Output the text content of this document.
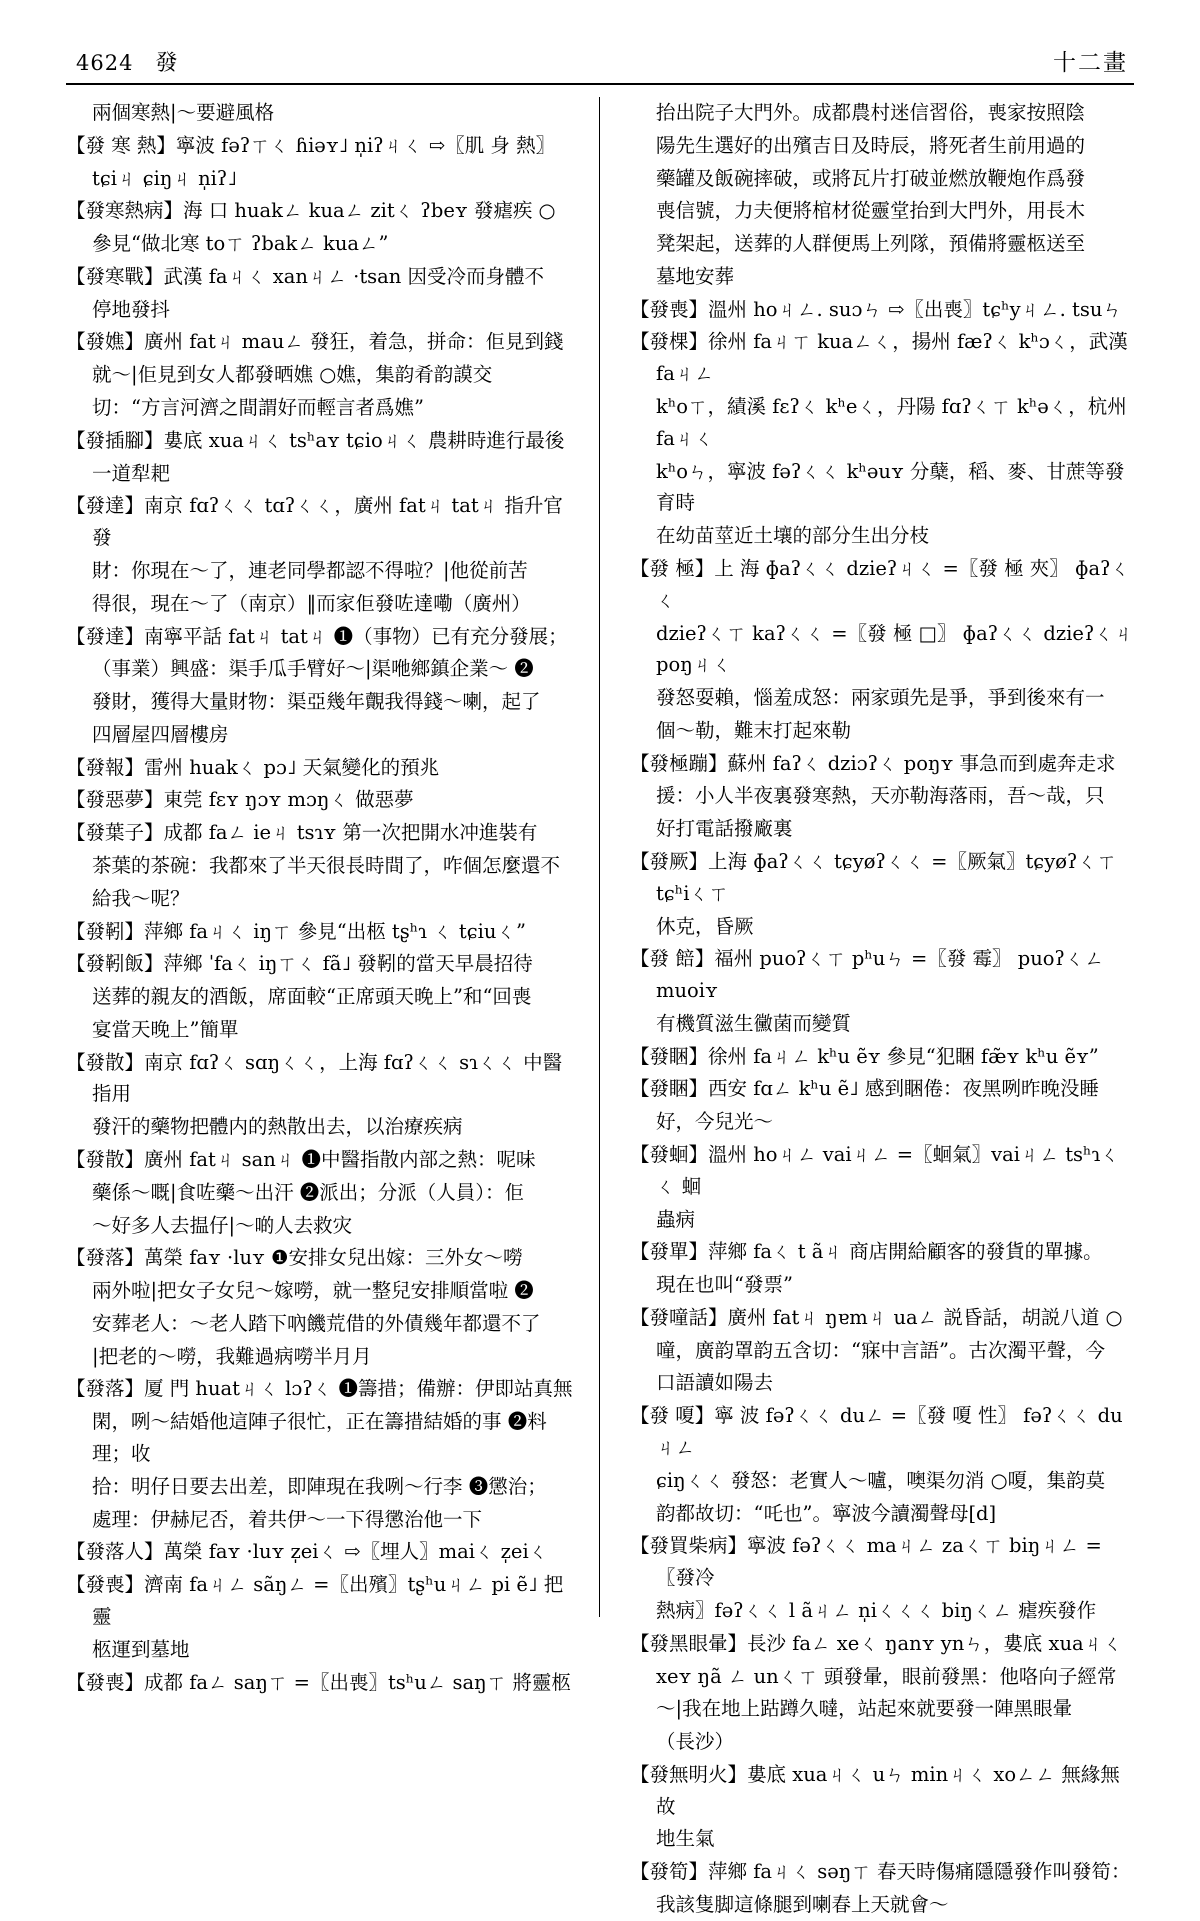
4624 發	十二畫
兩個寒熱|～要避風格
【發 寒 熱】寧波 fəʔㄒㄑ ɦiəʏ˩ n̩iʔㄐㄑ ⇨〖肌 身 熱〗
tɕiㄐ ɕiŋㄐ n̩iʔ˩
【發寒熱病】海 口 huakㄥ kuaㄥ zitㄑ ʔbeʏ 發瘧疾 ○
參見“做北寒 toㄒ ʔbakㄥ kuaㄥ”
【發寒戰】武漢 faㄐㄑ xanㄐㄥ ·tsan 因受冷而身體不
停地發抖
【發嫶】廣州 fatㄐ mauㄥ 發狂，着急，拼命：佢見到錢
就～|佢見到女人都發晒嫶 ○嫶，集韵肴韵謨交
切：“方言河濟之間謂好而輕言者爲嫶”
【發插腳】婁底 xuaㄐㄑ tsʰaʏ tɕioㄐㄑ 農耕時進行最後
一道犁耙
【發達】南京 fɑʔㄑㄑ tɑʔㄑㄑ，廣州 fatㄐ tatㄐ 指升官發
財：你現在～了，連老同學都認不得啦？|他從前苦
得很，現在～了（南京）‖而家佢發咗達嘞（廣州）
【發達】南寧平話 fatㄐ tatㄐ ❶（事物）已有充分發展；
（事業）興盛：渠手瓜手臂好～|渠咃鄉鎮企業～ ❷
發財，獲得大量財物：渠亞幾年覿我得錢～喇，起了
四層屋四層樓房
【發報】雷州 huakㄑ pɔ˩ 天氣變化的預兆
【發惡夢】東莞 fɛʏ ŋɔʏ mɔŋㄑ 做惡夢
【發葉子】成都 faㄥ ieㄐ tsɿʏ 第一次把開水冲進裝有
茶葉的茶碗：我都來了半天很長時間了，咋個怎麼還不
給我～呢？
【發靷】萍鄉 faㄐㄑ iŋㄒ 參見“出柩 tʂʰɿ ㄑ tɕiuㄑ”
【發靷飯】萍鄉 ˈfaㄑ iŋㄒㄑ fã˩ 發靷的當天早晨招待
送葬的親友的酒飯，席面較“正席頭天晚上”和“回喪
宴當天晚上”簡單
【發散】南京 fɑʔㄑ sɑŋㄑㄑ，上海 fɑʔㄑㄑ sɿㄑㄑ 中醫指用
發汗的藥物把體内的熱散出去，以治療疾病
【發散】廣州 fatㄐ sanㄐ ❶中醫指散内部之熱：呢味
藥係～嘅|食咗藥～出汗 ❷派出；分派（人員）：佢
～好多人去揾仔|～啲人去救灾
【發落】萬榮 faʏ ·luʏ ❶安排女兒出嫁：三外女～嘮
兩外啦|把女子女兒～嫁嘮，就一整兒安排順當啦 ❷
安葬老人：～老人踏下吶饑荒借的外債幾年都還不了
|把老的～嘮，我難過病嘮半月月
【發落】厦 門 huatㄐㄑ lɔʔㄑ ❶籌措；備辦：伊即站真無
閑，咧～結婚他這陣子很忙，正在籌措結婚的事 ❷料理；收
拾：明仔日要去出差，即陣現在我咧～行李 ❸懲治；
處理：伊赫尼否，着共伊～一下得懲治他一下
【發落人】萬榮 faʏ ·luʏ z̩eiㄑ ⇨〖埋人〗maiㄑ z̩eiㄑ
【發喪】濟南 faㄐㄥ sãŋㄥ =〖出殯〗tʂʰuㄐㄥ pi ẽ˩ 把靈
柩運到墓地
【發喪】成都 faㄥ saŋㄒ =〖出喪〗tsʰuㄥ saŋㄒ 將靈柩
抬出院子大門外。成都農村迷信習俗，喪家按照陰
陽先生選好的出殯吉日及時辰，將死者生前用過的
藥罐及飯碗摔破，或將瓦片打破並燃放鞭炮作爲發
喪信號，力夫便將棺材從靈堂抬到大門外，用長木
凳架起，送葬的人群便馬上列隊，預備將靈柩送至
墓地安葬
【發喪】溫州 hoㄐㄥ. suɔㄣ ⇨〖出喪〗tɕʰyㄐㄥ. tsuㄣ
【發棵】徐州 faㄐㄒ kuaㄥㄑ，揚州 fæʔㄑ kʰɔㄑ，武漢 faㄐㄥ
kʰoㄒ，績溪 fɛʔㄑ kʰeㄑ，丹陽 fɑʔㄑㄒ kʰəㄑ，杭州 faㄐㄑ
kʰoㄣ，寧波 fəʔㄑㄑ kʰəuʏ 分蘖，稻、麥、甘蔗等發育時
在幼苗莖近土壤的部分生出分枝
【發 極】上 海 ɸaʔㄑㄑ dzieʔㄐㄑ =〖發 極 夾〗 ɸaʔㄑㄑ
dzieʔㄑㄒ kaʔㄑㄑ =〖發 極 □〗 ɸaʔㄑㄑ dzieʔㄑㄐ poŋㄐㄑ
發怒耍賴，惱羞成怒：兩家頭先是爭，爭到後來有一
個～勒，難末打起來勒
【發極蹦】蘇州 faʔㄑ dziɔʔㄑ poŋʏ 事急而到處奔走求
援：小人半夜裏發寒熱，天亦勒海落雨，吾～哉，只
好打電話撥廠裏
【發厥】上海 ɸaʔㄑㄑ tɕyøʔㄑㄑ =〖厥氣〗tɕyøʔㄑㄒ tɕʰiㄑㄒ
休克，昏厥
【發 餢】福州 puoʔㄑㄒ pʰuㄣ =〖發 霉〗 puoʔㄑㄥ muoiʏ
有機質滋生黴菌而變質
【發睏】徐州 faㄐㄥ kʰu ẽʏ 參見“犯睏 fæ̃ʏ kʰu ẽʏ”
【發睏】西安 fɑㄥ kʰu ẽ˩ 感到睏倦：夜黑咧昨晚没睡
好，今兒光～
【發蛔】溫州 hoㄐㄥ vaiㄐㄥ =〖蛔氣〗vaiㄐㄥ tsʰɿㄑㄑ 蛔
蟲病
【發單】萍鄉 faㄑ t ãㄐ 商店開給顧客的發貨的單據。
現在也叫“發票”
【發噇話】廣州 fatㄐ ŋɐmㄐ uaㄥ 説昏話，胡説八道 ○
噇，廣韵罩韵五含切：“寐中言語”。古次濁平聲，今
口語讀如陽去
【發 嗄】寧 波 fəʔㄑㄑ duㄥ =〖發 嗄 性〗 fəʔㄑㄑ duㄐㄥ
ɕiŋㄑㄑ 發怒：老實人～嚧，噢渠勿消 ○嗄，集韵莫
韵都故切：“吒也”。寧波今讀濁聲母[d]
【發買柴病】寧波 fəʔㄑㄑ maㄐㄥ zaㄑㄒ biŋㄐㄥ =〖發冷
熱病〗fəʔㄑㄑ l ãㄐㄥ n̩iㄑㄑㄑ biŋㄑㄥ 瘧疾發作
【發黑眼暈】長沙 faㄥ xeㄑ ŋanʏ ynㄣ，婁底 xuaㄐㄑ
xeʏ ŋã ㄥ unㄑㄒ 頭發暈，眼前發黑：他咯向子經常
～|我在地上跍蹲久噠，站起來就要發一陣黑眼暈
（長沙）
【發無明火】婁底 xuaㄐㄑ uㄣ minㄐㄑ xoㄥㄥ 無緣無故
地生氣
【發筍】萍鄉 faㄐㄑ səŋㄒ 春天時傷痛隱隱發作叫發筍：
我該隻脚這條腿到喇春上天就會～
